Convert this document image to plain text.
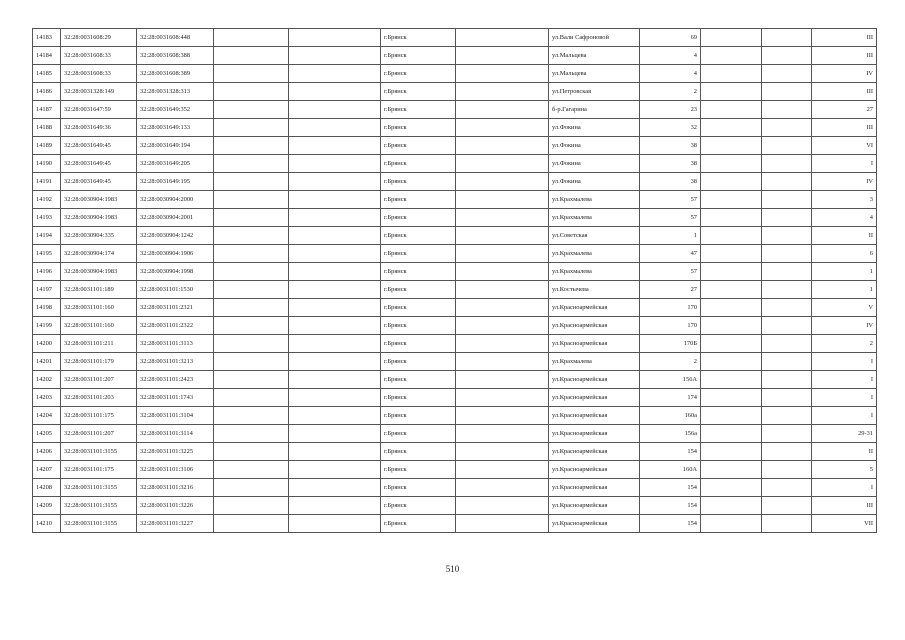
14183	32:28:0031608:29	32:28:0031608:448			г.Брянск		ул.Вали Сафроновой	69			III
14184	32:28:0031608:33	32:28:0031608:388			г.Брянск		ул.Мальцева	4			III
14185	32:28:0031608:33	32:28:0031608:389			г.Брянск		ул.Мальцева	4			IV
14186	32:28:0031328:149	32:28:0031328:313			г.Брянск		ул.Петровская	2			III
14187	32:28:0031647:59	32:28:0031649:352			г.Брянск		б-р.Гагарина	23			27
14188	32:28:0031649:36	32:28:0031649:133			г.Брянск		ул.Фокина	32			III
14189	32:28:0031649:45	32:28:0031649:194			г.Брянск		ул.Фокина	38			VI
14190	32:28:0031649:45	32:28:0031649:205			г.Брянск		ул.Фокина	38			I
14191	32:28:0031649:45	32:28:0031649:195			г.Брянск		ул.Фокина	38			IV
14192	32:28:0030904:1983	32:28:0030904:2000			г.Брянск		ул.Крахмалева	57			3
14193	32:28:0030904:1983	32:28:0030904:2001			г.Брянск		ул.Крахмалева	57			4
14194	32:28:0030904:335	32:28:0030904:1242			г.Брянск		ул.Советская	1			II
14195	32:28:0030904:174	32:28:0030904:1906			г.Брянск		ул.Крахмалева	47			6
14196	32:28:0030904:1983	32:28:0030904:1998			г.Брянск		ул.Крахмалева	57			1
14197	32:28:0031101:189	32:28:0031101:1530			г.Брянск		ул.Костычева	27			1
14198	32:28:0031101:160	32:28:0031101:2321			г.Брянск		ул.Красноармейская	170			V
14199	32:28:0031101:160	32:28:0031101:2322			г.Брянск		ул.Красноармейская	170			IV
14200	32:28:0031101:211	32:28:0031101:3113			г.Брянск		ул.Красноармейская	170Б			2
14201	32:28:0031101:179	32:28:0031101:3213			г.Брянск		ул.Крахмалева	2			I
14202	32:28:0031101:207	32:28:0031101:2423			г.Брянск		ул.Красноармейская	156А			I
14203	32:28:0031101:203	32:28:0031101:1743			г.Брянск		ул.Красноармейская	174			I
14204	32:28:0031101:175	32:28:0031101:3104			г.Брянск		ул.Красноармейская	160а			I
14205	32:28:0031101:207	32:28:0031101:3114			г.Брянск		ул.Красноармейская	156а			29-31
14206	32:28:0031101:3155	32:28:0031101:3225			г.Брянск		ул.Красноармейская	154			II
14207	32:28:0031101:175	32:28:0031101:3106			г.Брянск		ул.Красноармейская	160А			5
14208	32:28:0031101:3155	32:28:0031101:3216			г.Брянск		ул.Красноармейская	154			I
14209	32:28:0031101:3155	32:28:0031101:3226			г.Брянск		ул.Красноармейская	154			III
14210	32:28:0031101:3155	32:28:0031101:3227			г.Брянск		ул.Красноармейская	154			VII
510
